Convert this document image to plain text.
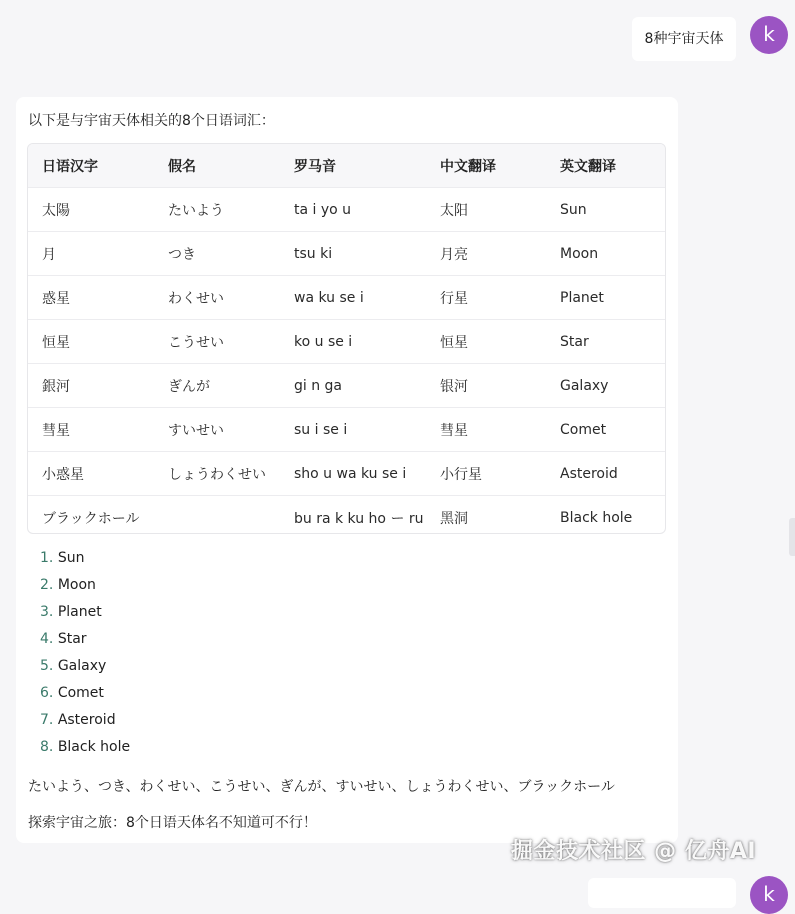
8种宇宙天体	k
以下是与宇宙天体相关的8个日语词汇：
日语汉字	假名	罗马音	中文翻译	英文翻译
太陽	たいよう	ta i yo u	太阳	Sun
月	つき	tsu ki	月亮	Moon
惑星	わくせい	wa ku se i	行星	Planet
恒星	こうせい	ko u se i	恒星	Star
銀河	ぎんが	gi n ga	银河	Galaxy
彗星	すいせい	su i se i	彗星	Comet
小惑星	しょうわくせい	sho u wa ku se i	小行星	Asteroid
ブラックホール		bu ra k ku ho ー ru	黑洞	Black hole
1. Sun
2. Moon
3. Planet
4. Star
5. Galaxy
6. Comet
7. Asteroid
8. Black hole
たいよう、つき、わくせい、こうせい、ぎんが、すいせい、しょうわくせい、ブラックホール
探索宇宙之旅：8个日语天体名不知道可不行！
掘金技术社区 @ 亿舟AI
k
